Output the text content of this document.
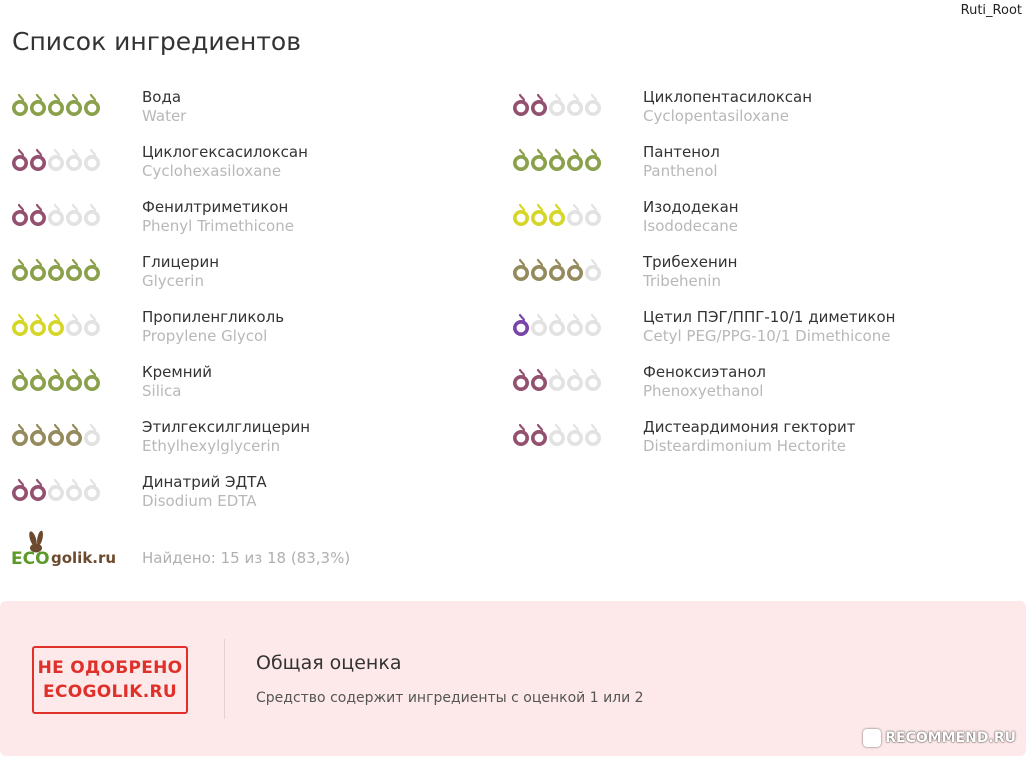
Ruti_Root
Список ингредиентов
Вода
Water
Циклогексасилоксан
Cyclohexasiloxane
Фенилтриметикон
Phenyl Trimethicone
Глицерин
Glycerin
Пропиленгликоль
Propylene Glycol
Кремний
Silica
Этилгексилглицерин
Ethylhexylglycerin
Динатрий ЭДТА
Disodium EDTA
Циклопентасилоксан
Cyclopentasiloxane
Пантенол
Panthenol
Изододекан
Isododecane
Трибехенин
Tribehenin
Цетил ПЭГ/ППГ-10/1 диметикон
Cetyl PEG/PPG-10/1 Dimethicone
Феноксиэтанол
Phenoxyethanol
Дистеардимония гекторит
Disteardimonium Hectorite
ECO golik.ru Найдено: 15 из 18 (83,3%)
НЕ ОДОБРЕНО
ECOGOLIK.RU
Общая оценка
Средство содержит ингредиенты с оценкой 1 или 2
RECOMMEND.RU
